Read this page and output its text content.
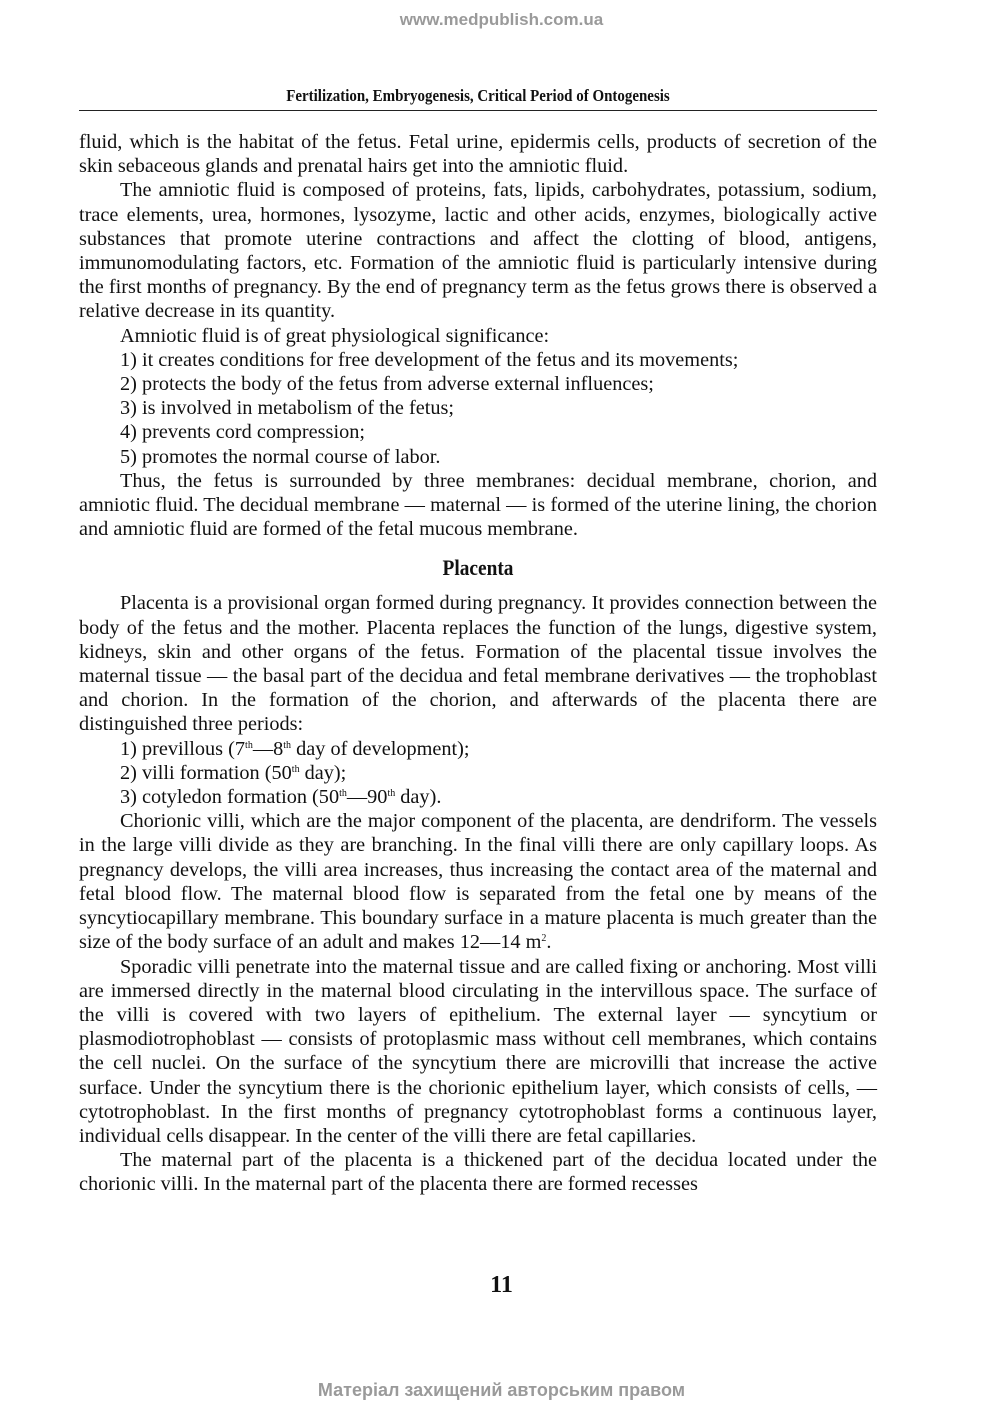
www.medpublish.com.ua
Fertilization, Embryogenesis, Critical Period of Ontogenesis

fluid, which is the habitat of the fetus. Fetal urine, epidermis cells, products of secretion of the skin sebaceous glands and prenatal hairs get into the amniotic fluid.

The amniotic fluid is composed of proteins, fats, lipids, carbohydrates, potassium, sodium, trace elements, urea, hormones, lysozyme, lactic and other acids, enzymes, biologically active substances that promote uterine contractions and affect the clotting of blood, antigens, immunomodulating factors, etc. Formation of the amniotic fluid is particularly intensive during the first months of pregnancy. By the end of pregnancy term as the fetus grows there is observed a relative decrease in its quantity.

Amniotic fluid is of great physiological significance:

1) it creates conditions for free development of the fetus and its movements;

2) protects the body of the fetus from adverse external influences;

3) is involved in metabolism of the fetus;

4) prevents cord compression;

5) promotes the normal course of labor.

Thus, the fetus is surrounded by three membranes: decidual membrane, chorion, and amniotic fluid. The decidual membrane — maternal — is formed of the uterine lining, the chorion and amniotic fluid are formed of the fetal mucous membrane.

Placenta

Placenta is a provisional organ formed during pregnancy. It provides connection between the body of the fetus and the mother. Placenta replaces the function of the lungs, digestive system, kidneys, skin and other organs of the fetus. Formation of the placental tissue involves the maternal tissue — the basal part of the decidua and fetal membrane derivatives — the trophoblast and chorion. In the formation of the chorion, and afterwards of the placenta there are distinguished three periods:

1) previllous (7th—8th day of development);

2) villi formation (50th day);

3) cotyledon formation (50th—90th day).

Chorionic villi, which are the major component of the placenta, are dendriform. The vessels in the large villi divide as they are branching. In the final villi there are only capillary loops. As pregnancy develops, the villi area increases, thus increasing the contact area of the maternal and fetal blood flow. The maternal blood flow is separated from the fetal one by means of the syncytiocapillary membrane. This boundary surface in a mature placenta is much greater than the size of the body surface of an adult and makes 12—14 $m^2$.

Sporadic villi penetrate into the maternal tissue and are called fixing or anchoring. Most villi are immersed directly in the maternal blood circulating in the intervillous space. The surface of the villi is covered with two layers of epithelium. The external layer — syncytium or plasmodiotrophoblast — consists of protoplasmic mass without cell membranes, which contains the cell nuclei. On the surface of the syncytium there are microvilli that increase the active surface. Under the syncytium there is the chorionic epithelium layer, which consists of cells, — cytotrophoblast. In the first months of pregnancy cytotrophoblast forms a continuous layer, individual cells disappear. In the center of the villi there are fetal capillaries.

The maternal part of the placenta is a thickened part of the decidua located under the chorionic villi. In the maternal part of the placenta there are formed recesses

11
Матеріал захищений авторським правом
